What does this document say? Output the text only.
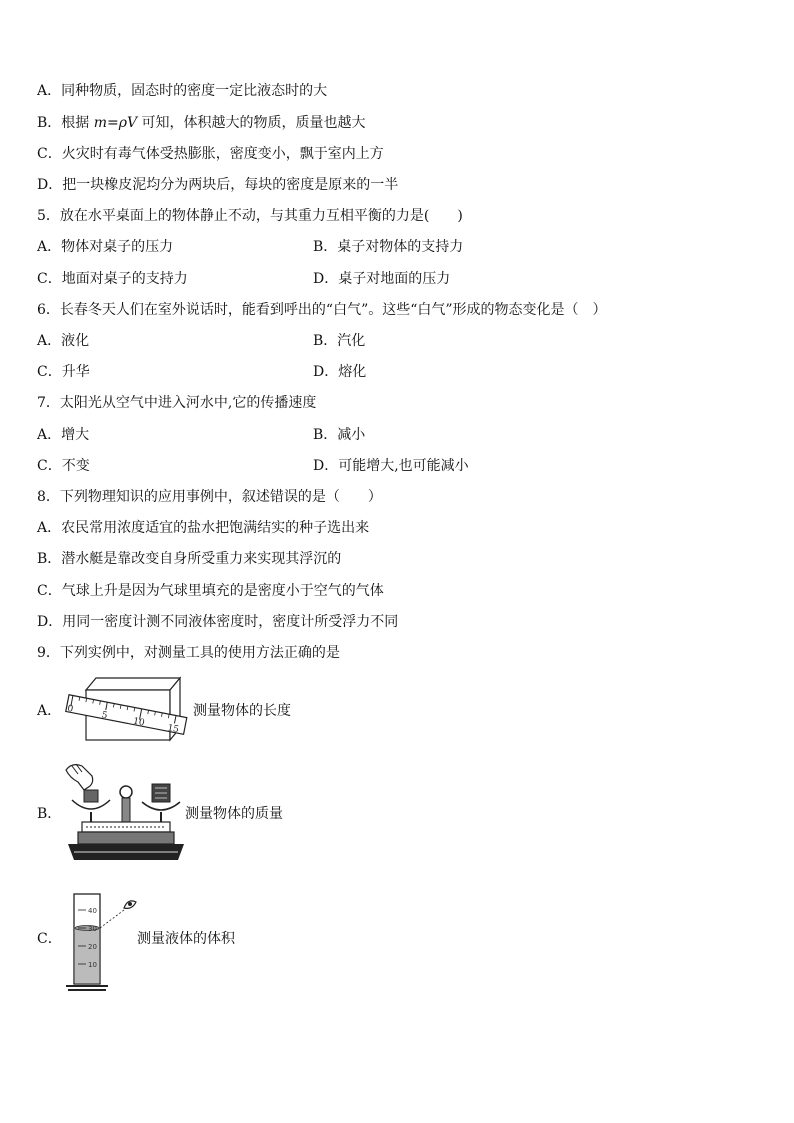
A．同种物质，固态时的密度一定比液态时的大
B．根据 m=ρV 可知，体积越大的物质，质量也越大
C．火灾时有毒气体受热膨胀，密度变小，飘于室内上方
D．把一块橡皮泥均分为两块后，每块的密度是原来的一半
5．放在水平桌面上的物体静止不动，与其重力互相平衡的力是(　　)
A．物体对桌子的压力	B．桌子对物体的支持力
C．地面对桌子的支持力	D．桌子对地面的压力
6．长春冬天人们在室外说话时，能看到呼出的“白气”。这些“白气”形成的物态变化是（　）
A．液化	B．汽化
C．升华	D．熔化
7．太阳光从空气中进入河水中,它的传播速度
A．增大	B．减小
C．不变	D．可能增大,也可能减小
8．下列物理知识的应用事例中，叙述错误的是（　　）
A．农民常用浓度适宜的盐水把饱满结实的种子选出来
B．潜水艇是靠改变自身所受重力来实现其浮沉的
C．气球上升是因为气球里填充的是密度小于空气的气体
D．用同一密度计测不同液体密度时，密度计所受浮力不同
9．下列实例中，对测量工具的使用方法正确的是
A． 0
5
10
15
测量物体的长度
B．	测量物体的质量
C．
40
30
20
10
测量液体的体积
